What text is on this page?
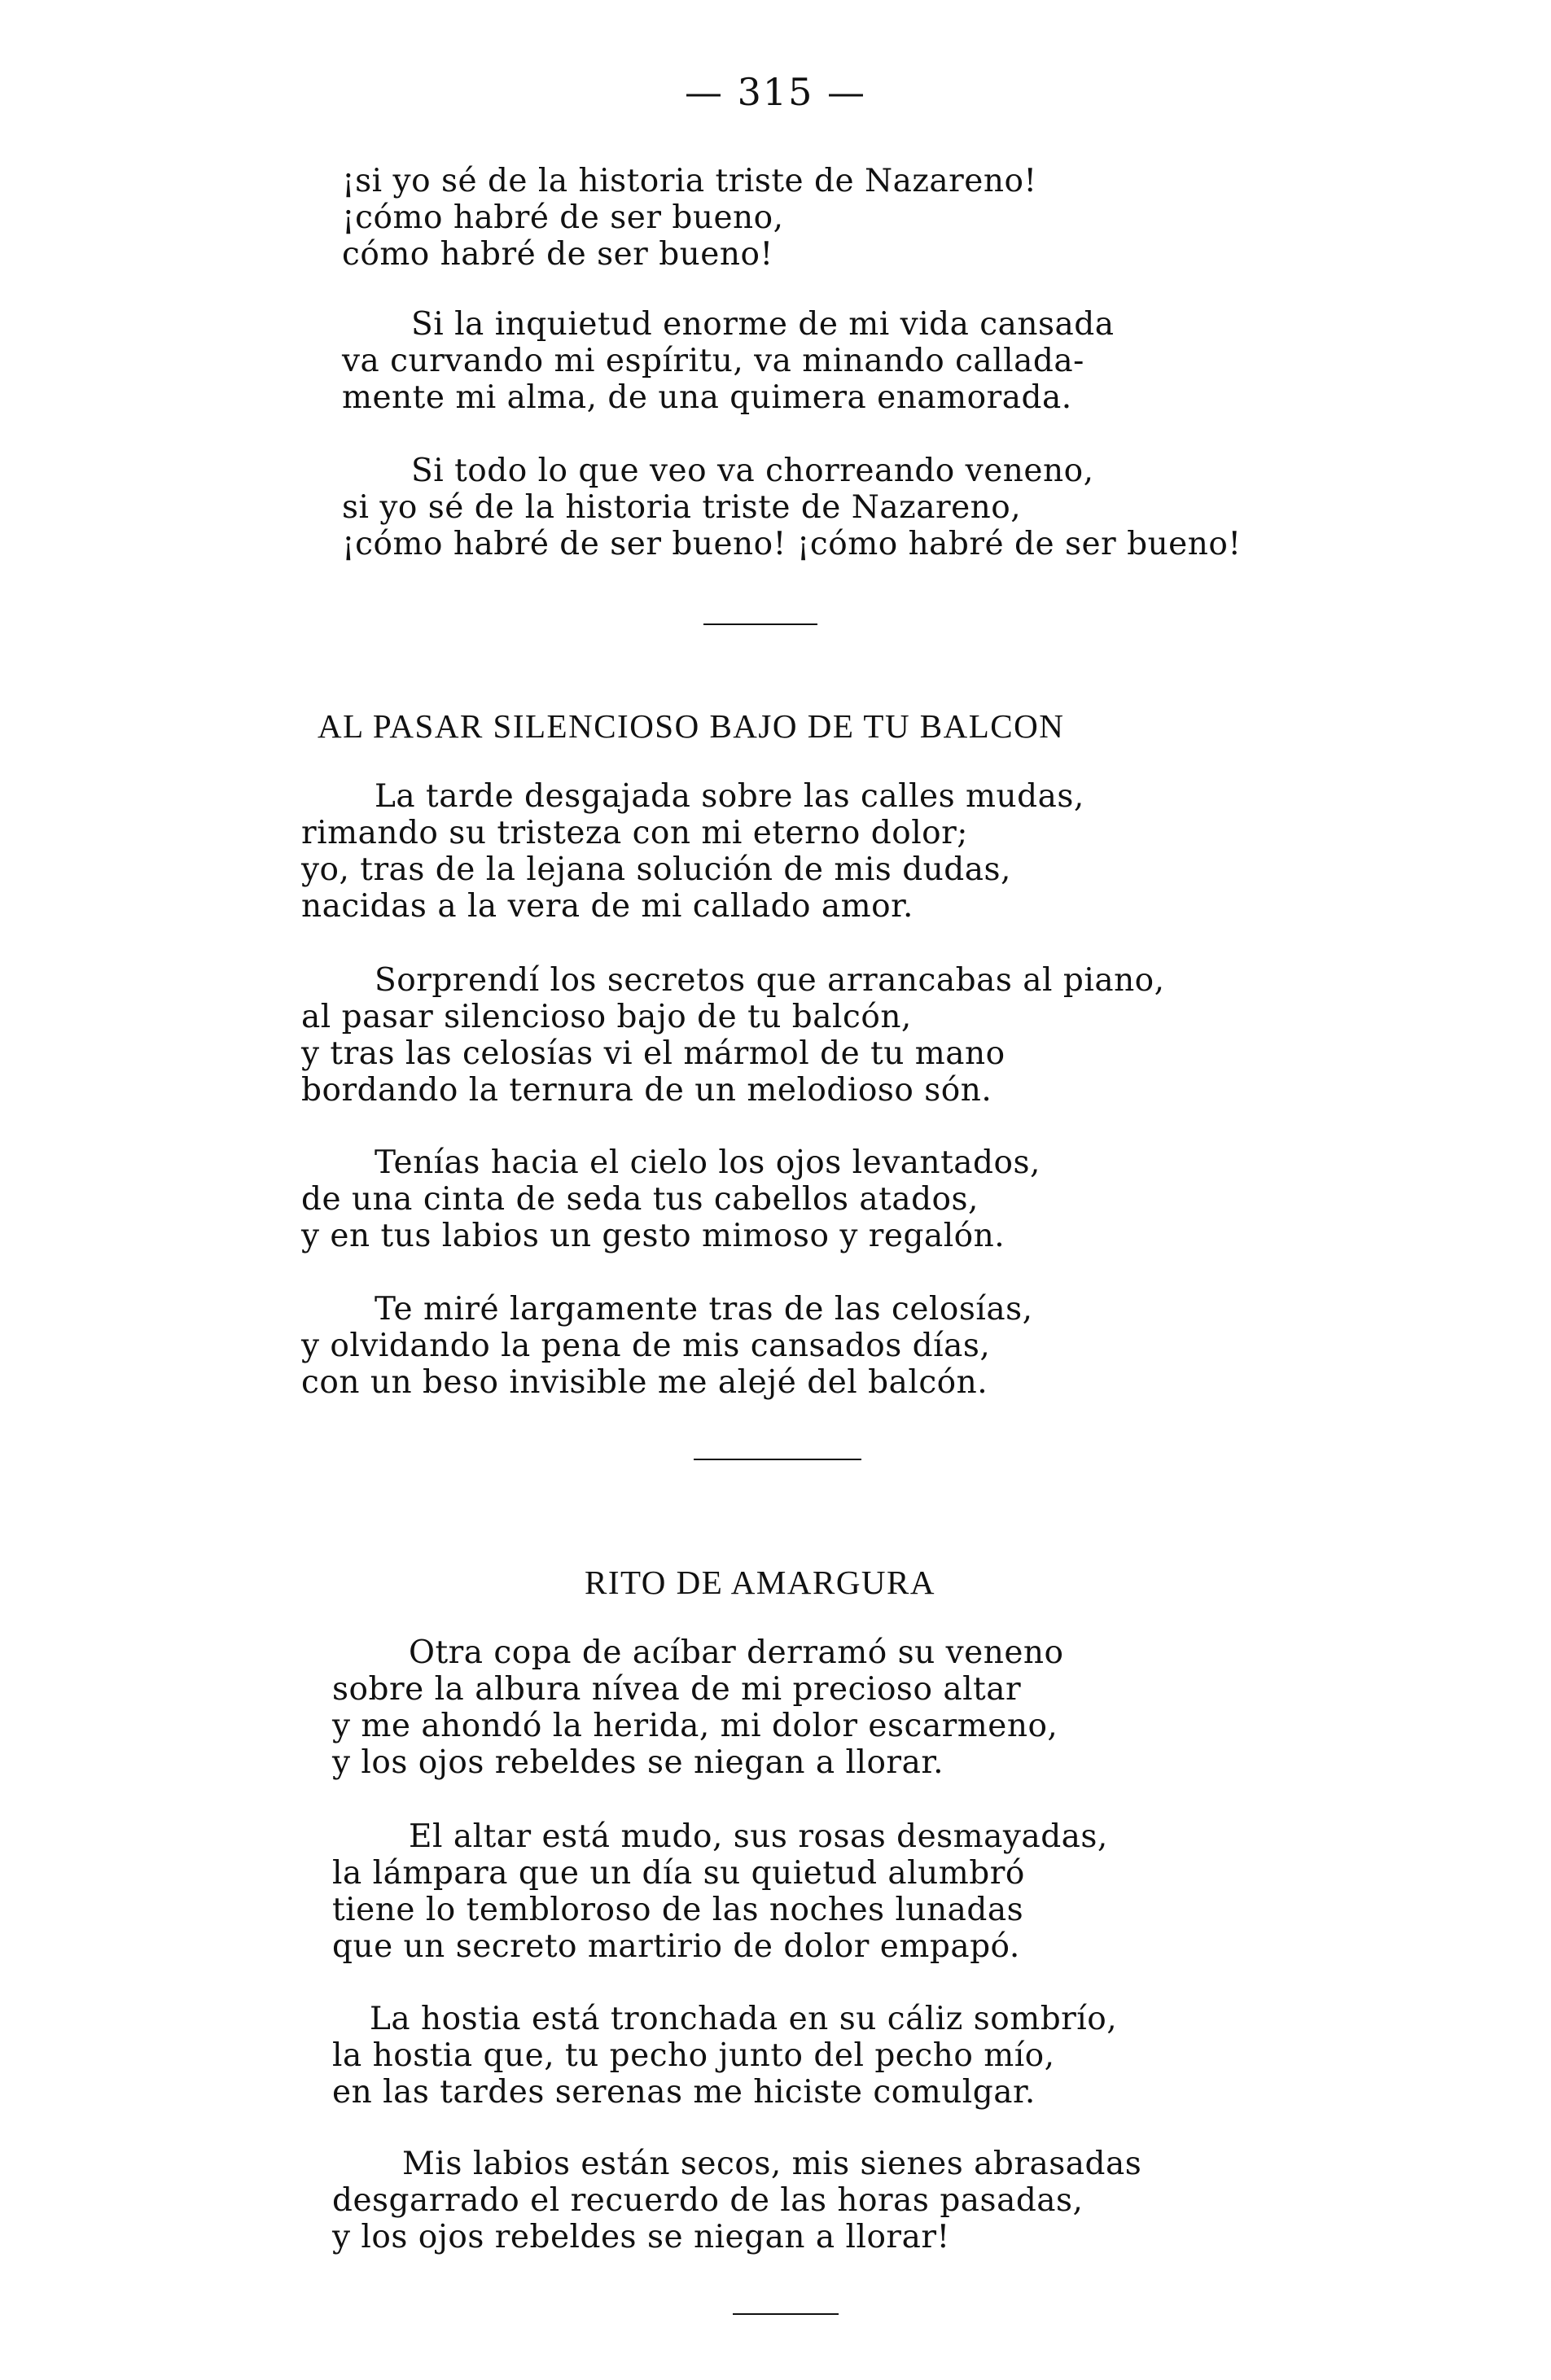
— 315 —
¡si yo sé de la historia triste de Nazareno!
¡cómo habré de ser bueno,
cómo habré de ser bueno!
Si la inquietud enorme de mi vida cansada
va curvando mi espíritu, va minando callada-
mente mi alma, de una quimera enamorada.
Si todo lo que veo va chorreando veneno,
si yo sé de la historia triste de Nazareno,
¡cómo habré de ser bueno! ¡cómo habré de ser bueno!
AL PASAR SILENCIOSO BAJO DE TU BALCON
La tarde desgajada sobre las calles mudas,
rimando su tristeza con mi eterno dolor;
yo, tras de la lejana solución de mis dudas,
nacidas a la vera de mi callado amor.
Sorprendí los secretos que arrancabas al piano,
al pasar silencioso bajo de tu balcón,
y tras las celosías vi el mármol de tu mano
bordando la ternura de un melodioso són.
Tenías hacia el cielo los ojos levantados,
de una cinta de seda tus cabellos atados,
y en tus labios un gesto mimoso y regalón.
Te miré largamente tras de las celosías,
y olvidando la pena de mis cansados días,
con un beso invisible me alejé del balcón.
RITO DE AMARGURA
Otra copa de acíbar derramó su veneno
sobre la albura nívea de mi precioso altar
y me ahondó la herida, mi dolor escarmeno,
y los ojos rebeldes se niegan a llorar.
El altar está mudo, sus rosas desmayadas,
la lámpara que un día su quietud alumbró
tiene lo tembloroso de las noches lunadas
que un secreto martirio de dolor empapó.
La hostia está tronchada en su cáliz sombrío,
la hostia que, tu pecho junto del pecho mío,
en las tardes serenas me hiciste comulgar.
Mis labios están secos, mis sienes abrasadas
desgarrado el recuerdo de las horas pasadas,
y los ojos rebeldes se niegan a llorar!
